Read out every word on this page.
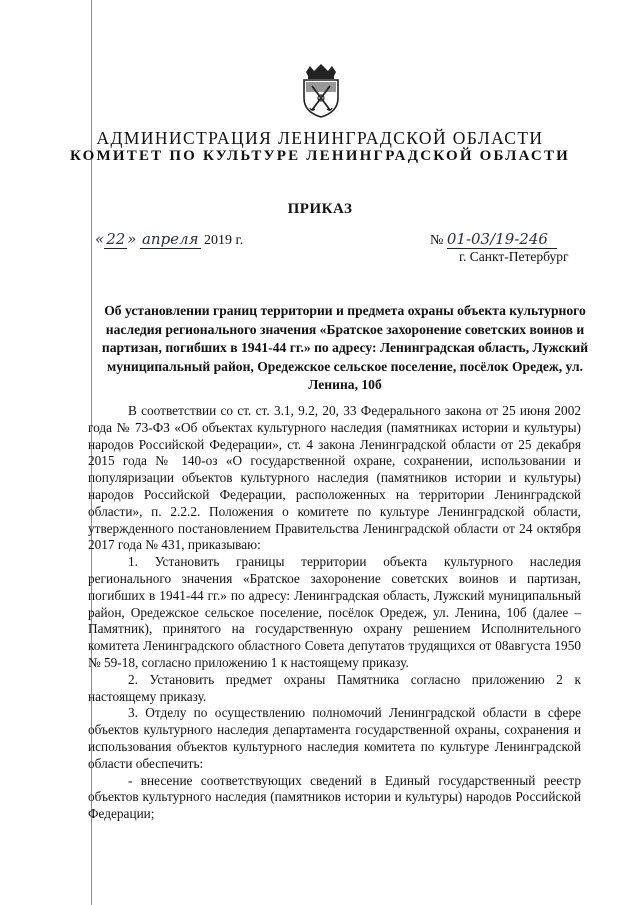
АДМИНИСТРАЦИЯ ЛЕНИНГРАДСКОЙ ОБЛАСТИ
КОМИТЕТ ПО КУЛЬТУРЕ ЛЕНИНГРАДСКОЙ ОБЛАСТИ
ПРИКАЗ
« 22 » апреля 2019 г.	№ 01-03/19-246
г. Санкт-Петербург
Об установлении границ территории и предмета охраны объекта культурного наследия регионального значения «Братское захоронение советских воинов и партизан, погибших в 1941-44 гг.» по адресу: Ленинградская область, Лужский муниципальный район, Оредежское сельское поселение, посёлок Оредеж, ул. Ленина, 10б

В соответствии со ст. ст. 3.1, 9.2, 20, 33 Федерального закона от 25 июня 2002 года № 73-ФЗ «Об объектах культурного наследия (памятниках истории и культуры) народов Российской Федерации», ст. 4 закона Ленинградской области от 25 декабря 2015 года № 140-оз «О государственной охране, сохранении, использовании и популяризации объектов культурного наследия (памятников истории и культуры) народов Российской Федерации, расположенных на территории Ленинградской области», п. 2.2.2. Положения о комитете по культуре Ленинградской области, утвержденного постановлением Правительства Ленинградской области от 24 октября 2017 года № 431, приказываю:

1. Установить границы территории объекта культурного наследия регионального значения «Братское захоронение советских воинов и партизан, погибших в 1941-44 гг.» по адресу: Ленинградская область, Лужский муниципальный район, Оредежское сельское поселение, посёлок Оредеж, ул. Ленина, 10б (далее – Памятник), принятого на государственную охрану решением Исполнительного комитета Ленинградского областного Совета депутатов трудящихся от 08августа 1950 № 59-18, согласно приложению 1 к настоящему приказу.

2. Установить предмет охраны Памятника согласно приложению 2 к настоящему приказу.

3. Отделу по осуществлению полномочий Ленинградской области в сфере объектов культурного наследия департамента государственной охраны, сохранения и использования объектов культурного наследия комитета по культуре Ленинградской области обеспечить:

- внесение соответствующих сведений в Единый государственный реестр объектов культурного наследия (памятников истории и культуры) народов Российской Федерации;
